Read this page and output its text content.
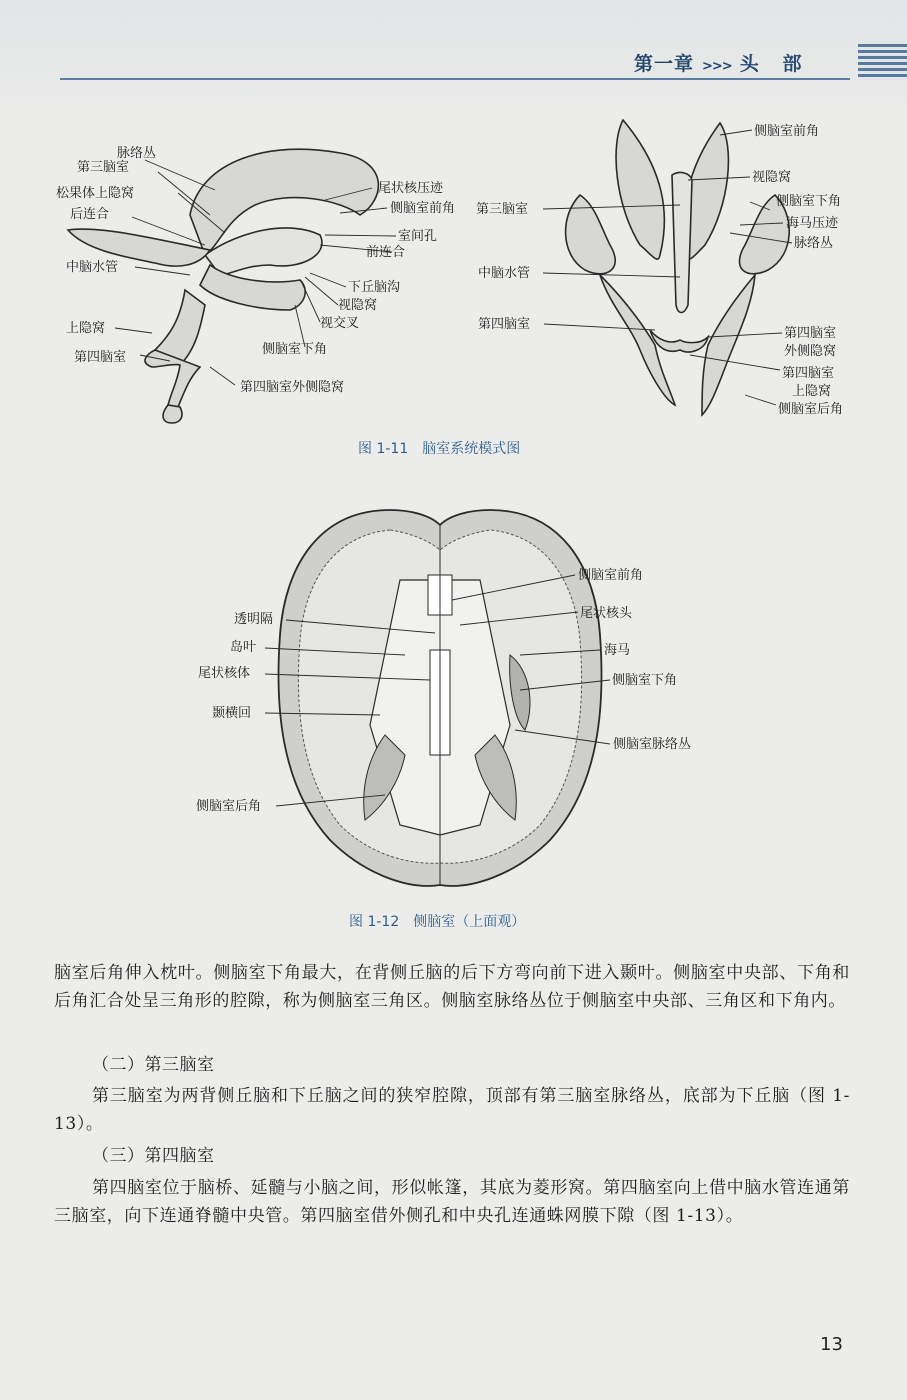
第一章 >>> 头   部
脉络丛
第三脑室
松果体上隐窝
后连合
中脑水管
上隐窝
第四脑室
尾状核压迹
侧脑室前角
室间孔
前连合
下丘脑沟
视隐窝
视交叉
侧脑室下角
第四脑室外侧隐窝
侧脑室前角
视隐窝
侧脑室下角
海马压迹
脉络丛
第三脑室
中脑水管
第四脑室
第四脑室
外侧隐窝
第四脑室
上隐窝
侧脑室后角
图 1-11 脑室系统模式图
侧脑室前角
尾状核头
海马
侧脑室下角
侧脑室脉络丛
透明隔
岛叶
尾状核体
颞横回
侧脑室后角
图 1-12 侧脑室（上面观）

脑室后角伸入枕叶。侧脑室下角最大，在背侧丘脑的后下方弯向前下进入颞叶。侧脑室中央部、下角和后角汇合处呈三角形的腔隙，称为侧脑室三角区。侧脑室脉络丛位于侧脑室中央部、三角区和下角内。

（二）第三脑室

第三脑室为两背侧丘脑和下丘脑之间的狭窄腔隙，顶部有第三脑室脉络丛，底部为下丘脑（图 1-13）。

（三）第四脑室

第四脑室位于脑桥、延髓与小脑之间，形似帐篷，其底为菱形窝。第四脑室向上借中脑水管连通第三脑室，向下连通脊髓中央管。第四脑室借外侧孔和中央孔连通蛛网膜下隙（图 1-13）。

13
